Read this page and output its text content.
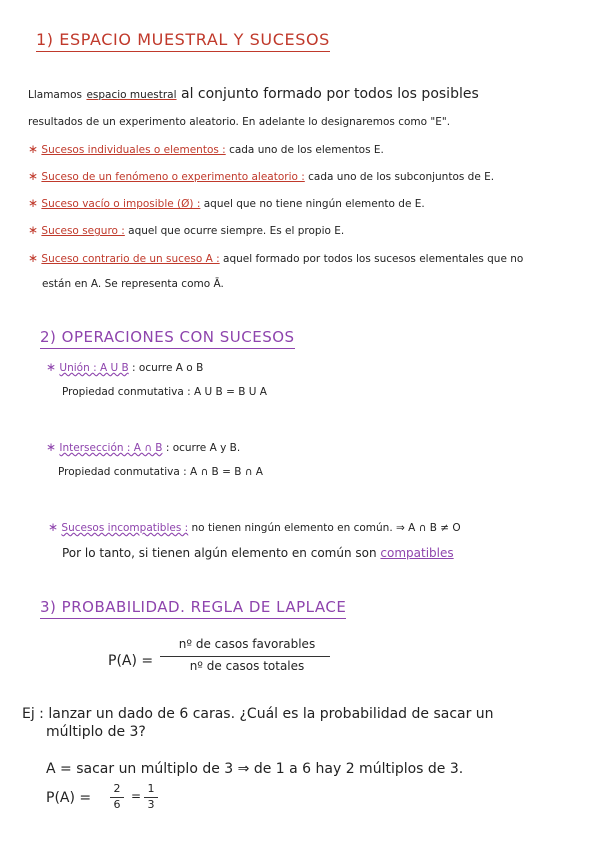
1) ESPACIO MUESTRAL Y SUCESOS
Llamamos espacio muestral al conjunto formado por todos los posibles
resultados de un experimento aleatorio. En adelante lo designaremos como "E".
∗ Sucesos individuales o elementos : cada uno de los elementos E.
∗ Suceso de un fenómeno o experimento aleatorio : cada uno de los subconjuntos de E.
∗ Suceso vacío o imposible (Ø) : aquel que no tiene ningún elemento de E.
∗ Suceso seguro : aquel que ocurre siempre. Es el propio E.
∗ Suceso contrario de un suceso A : aquel formado por todos los sucesos elementales que no
están en A. Se representa como Ā.
2) OPERACIONES CON SUCESOS
∗ Unión : A U B : ocurre A o B
Propiedad conmutativa : A U B = B U A
∗ Intersección : A ∩ B : ocurre A y B.
Propiedad conmutativa : A ∩ B = B ∩ A
∗ Sucesos incompatibles : no tienen ningún elemento en común. ⇒ A ∩ B ≠ O
Por lo tanto, si tienen algún elemento en común son compatibles
3) PROBABILIDAD. REGLA DE LAPLACE
P(A) =
nº de casos favorables
nº de casos totales
Ej : lanzar un dado de 6 caras. ¿Cuál es la probabilidad de sacar un
múltiplo de 3?
A = sacar un múltiplo de 3 ⇒ de 1 a 6 hay 2 múltiplos de 3.
P(A) =
2
6
=
1
3
